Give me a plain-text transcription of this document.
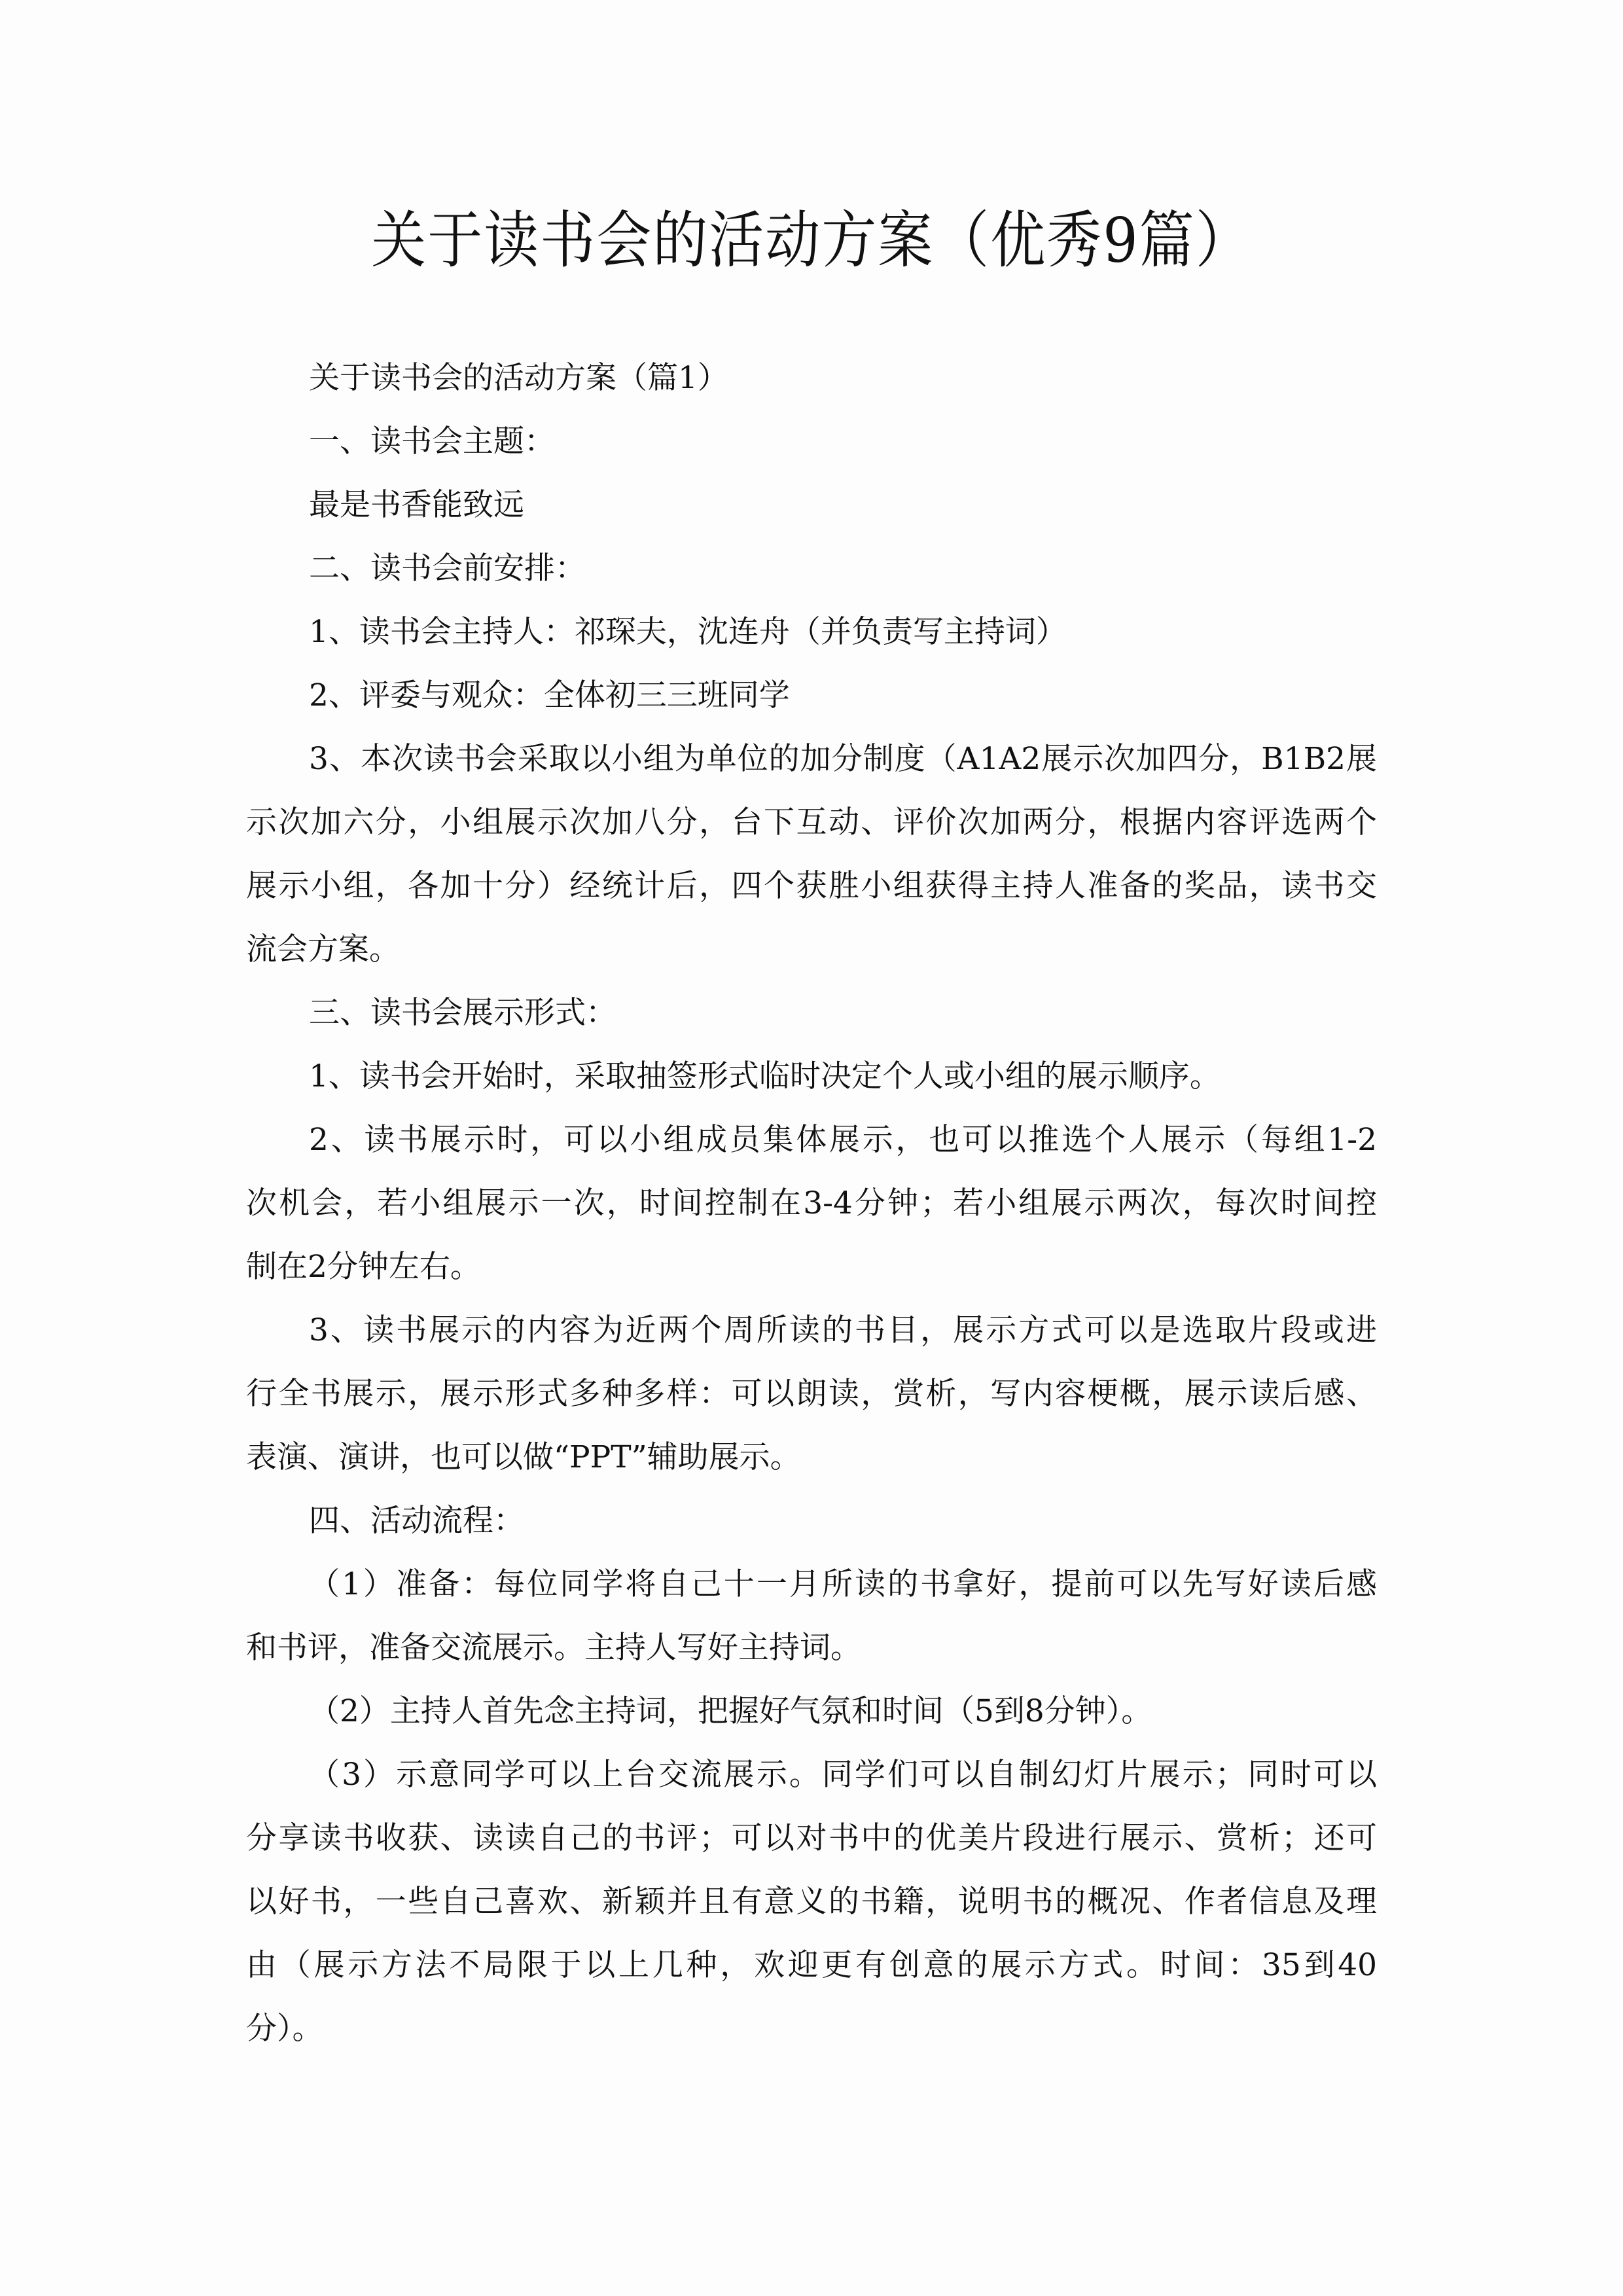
关于读书会的活动方案（优秀9篇）
关于读书会的活动方案（篇1）
一、读书会主题：
最是书香能致远
二、读书会前安排：
1、读书会主持人：祁琛夫，沈连舟（并负责写主持词）
2、评委与观众：全体初三三班同学
3、本次读书会采取以小组为单位的加分制度（A1A2展示次加四分，B1B2展
示次加六分，小组展示次加八分，台下互动、评价次加两分，根据内容评选两个
展示小组，各加十分）经统计后，四个获胜小组获得主持人准备的奖品，读书交
流会方案。
三、读书会展示形式：
1、读书会开始时，采取抽签形式临时决定个人或小组的展示顺序。
2、读书展示时，可以小组成员集体展示，也可以推选个人展示（每组1-2
次机会，若小组展示一次，时间控制在3-4分钟；若小组展示两次，每次时间控
制在2分钟左右。
3、读书展示的内容为近两个周所读的书目，展示方式可以是选取片段或进
行全书展示，展示形式多种多样：可以朗读，赏析，写内容梗概，展示读后感、
表演、演讲，也可以做“PPT”辅助展示。
四、活动流程：
（1）准备：每位同学将自己十一月所读的书拿好，提前可以先写好读后感
和书评，准备交流展示。主持人写好主持词。
（2）主持人首先念主持词，把握好气氛和时间（5到8分钟）。
（3）示意同学可以上台交流展示。同学们可以自制幻灯片展示；同时可以
分享读书收获、读读自己的书评；可以对书中的优美片段进行展示、赏析；还可
以好书，一些自己喜欢、新颖并且有意义的书籍，说明书的概况、作者信息及理
由（展示方法不局限于以上几种，欢迎更有创意的展示方式。时间：35到40
分）。
